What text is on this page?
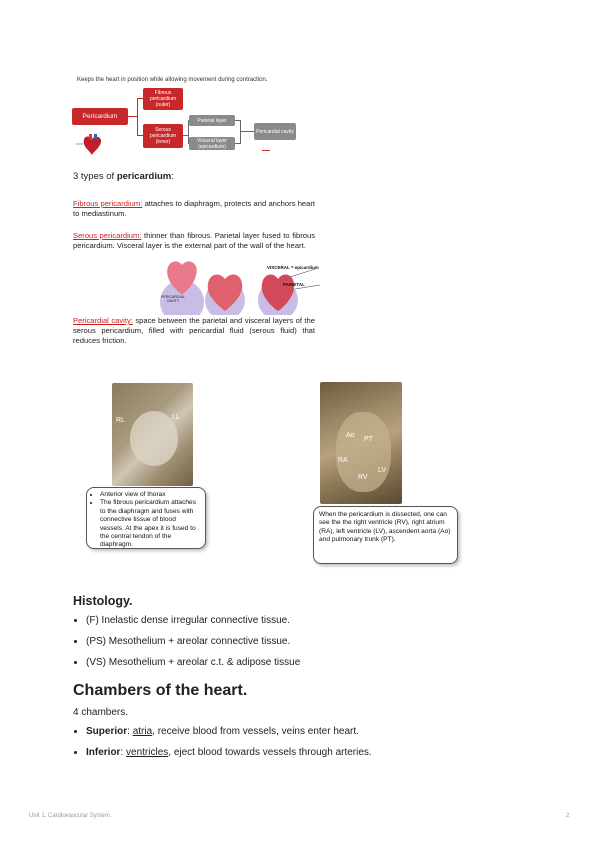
Keeps the heart in position while allowing movement during contraction.
Pericardium
Fibrous pericardium (outer)
Serous pericardium (inner)
Parietal layer
Visceral layer (epicardium)
Pericardial cavity
3 types of pericardium:
Fibrous pericardium: attaches to diaphragm, protects and anchors heart to mediastinum.
Serous pericardium: thinner than fibrous. Parietal layer fused to fibrous pericardium. Visceral layer is the external part of the wall of the heart.
VISCERAL = epicardium
PARIETAL
PERICARDIAL CAVITY
Pericardial cavity: space between the parietal and visceral layers of the serous pericardium, filled with pericardial fluid (serous fluid) that reduces friction.
RL	LL
• Anterior view of thorax
• The fibrous pericardium attaches to the diaphragm and fuses with connective tissue of blood vessels. At the apex it is fused to the central tendon of the diaphragm.
Ao
PT
RA
RV
LV
When the pericardium is dissected, one can see the the right ventricle (RV), right atrium (RA), left ventricle (LV), ascendent aorta (Ao) and pulmonary trunk (PT).
Histology.
• (F) Inelastic dense irregular connective tissue.
• (PS) Mesothelium + areolar connective tissue.
• (VS) Mesothelium + areolar c.t. & adipose tissue
Chambers of the heart.
4 chambers.
• Superior: atria, receive blood from vessels, veins enter heart.
• Inferior: ventricles, eject blood towards vessels through arteries.
Unit 1. Cardiovascular System.	2
